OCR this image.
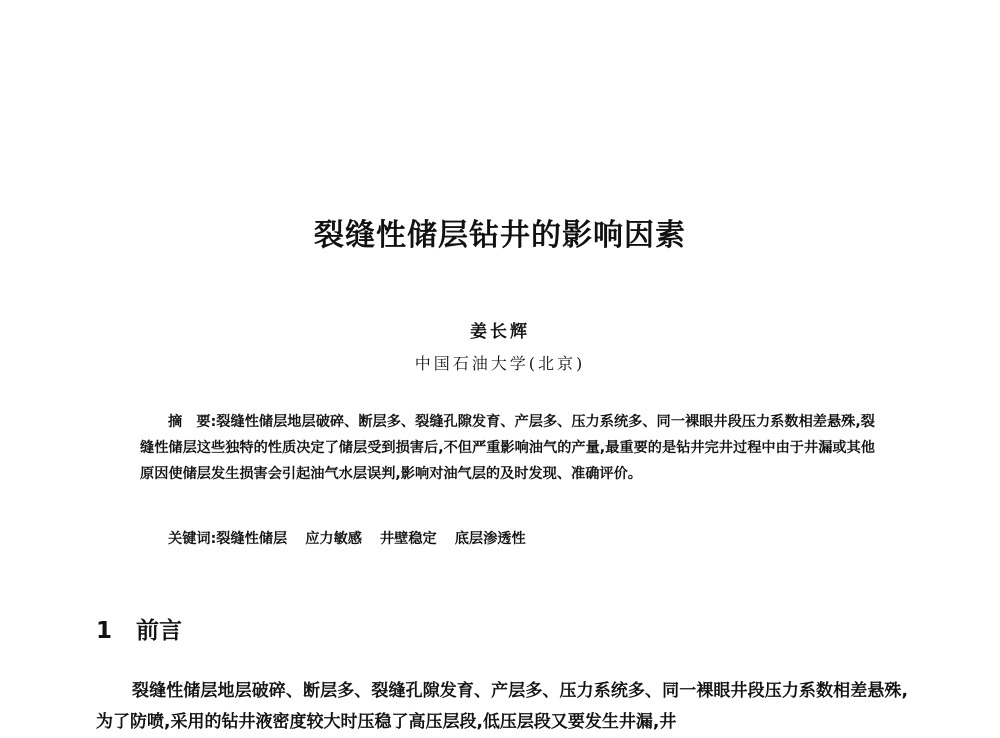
裂缝性储层钻井的影响因素
姜长辉
中国石油大学(北京)
摘　要:裂缝性储层地层破碎、断层多、裂缝孔隙发育、产层多、压力系统多、同一裸眼井段压力系数相差悬殊,裂缝性储层这些独特的性质决定了储层受到损害后,不但严重影响油气的产量,最重要的是钻井完井过程中由于井漏或其他原因使储层发生损害会引起油气水层误判,影响对油气层的及时发现、准确评价。
关键词:裂缝性储层 应力敏感 井壁稳定 底层渗透性
1 前言
裂缝性储层地层破碎、断层多、裂缝孔隙发育、产层多、压力系统多、同一裸眼井段压力系数相差悬殊,为了防喷,采用的钻井液密度较大时压稳了高压层段,低压层段又要发生井漏,井
